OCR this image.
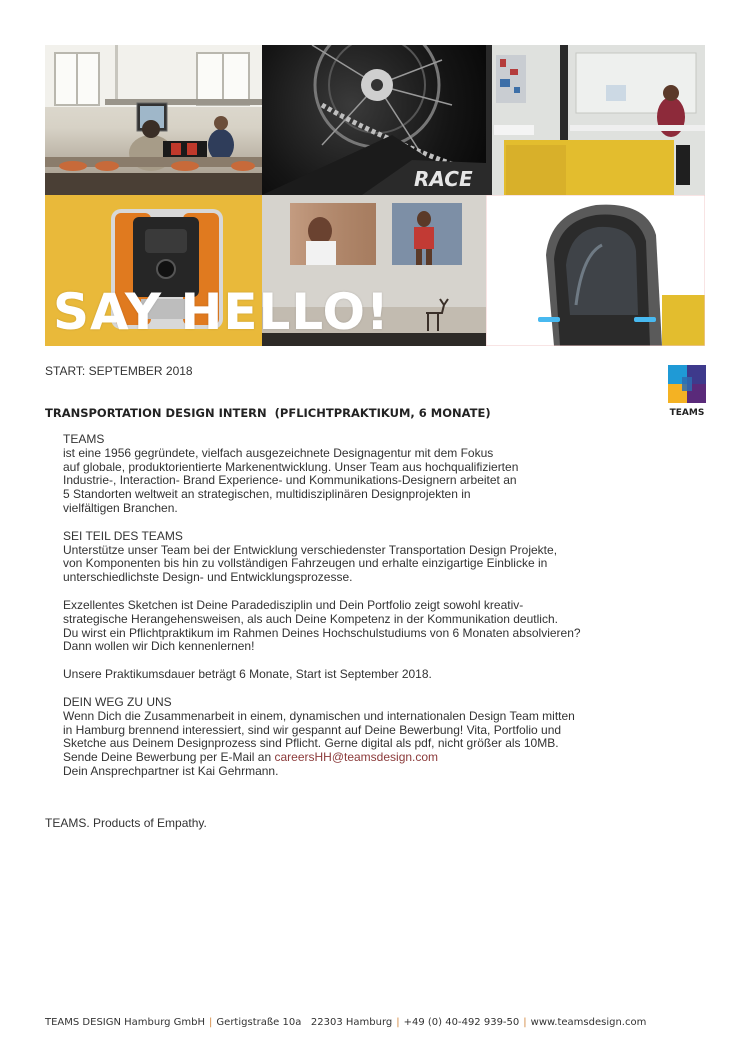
RACE
SAY HELLO!
START: SEPTEMBER 2018
TEAMS
TRANSPORTATION DESIGN INTERN  (PFLICHTPRAKTIKUM, 6 MONATE)

TEAMS
ist eine 1956 gegründete, vielfach ausgezeichnete Designagentur mit dem Fokus
auf globale, produktorientierte Markenentwicklung. Unser Team aus hochqualifizierten
Industrie-, Interaction- Brand Experience- und Kommunikations-Designern arbeitet an
5 Standorten weltweit an strategischen, multidisziplinären Designprojekten in
vielfältigen Branchen.

SEI TEIL DES TEAMS
Unterstütze unser Team bei der Entwicklung verschiedenster Transportation Design Projekte,
von Komponenten bis hin zu vollständigen Fahrzeugen und erhalte einzigartige Einblicke in
unterschiedlichste Design- und Entwicklungsprozesse.

Exzellentes Sketchen ist Deine Paradedisziplin und Dein Portfolio zeigt sowohl kreativ-
strategische Herangehensweisen, als auch Deine Kompetenz in der Kommunikation deutlich.
Du wirst ein Pflichtpraktikum im Rahmen Deines Hochschulstudiums von 6 Monaten absolvieren?
Dann wollen wir Dich kennenlernen!

Unsere Praktikumsdauer beträgt 6 Monate, Start ist September 2018.

DEIN WEG ZU UNS
Wenn Dich die Zusammenarbeit in einem, dynamischen und internationalen Design Team mitten
in Hamburg brennend interessiert, sind wir gespannt auf Deine Bewerbung! Vita, Portfolio und
Sketche aus Deinem Designprozess sind Pflicht. Gerne digital als pdf, nicht größer als 10MB.
Sende Deine Bewerbung per E-Mail an careersHH@teamsdesign.com
Dein Ansprechpartner ist Kai Gehrmann.

TEAMS. Products of Empathy.
TEAMS DESIGN Hamburg GmbH | Gertigstraße 10a 22303 Hamburg | +49 (0) 40-492 939-50 | www.teamsdesign.com
